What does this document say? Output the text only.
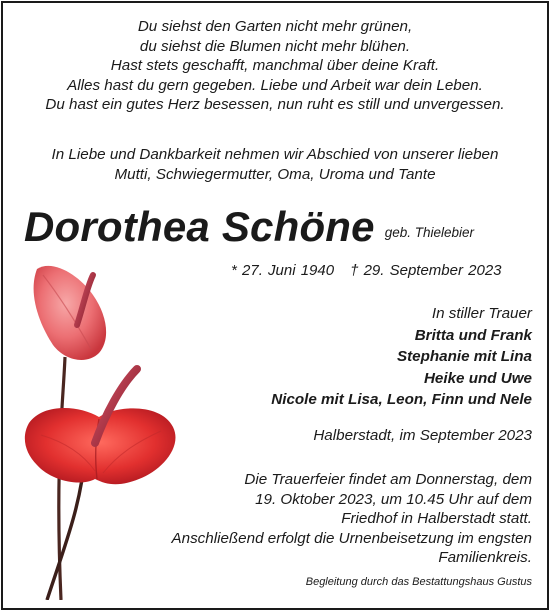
Du siehst den Garten nicht mehr grünen,
du siehst die Blumen nicht mehr blühen.
Hast stets geschafft, manchmal über deine Kraft.
Alles hast du gern gegeben. Liebe und Arbeit war dein Leben.
Du hast ein gutes Herz besessen, nun ruht es still und unvergessen.
In Liebe und Dankbarkeit nehmen wir Abschied von unserer lieben
Mutti, Schwiegermutter, Oma, Uroma und Tante
Dorothea Schöne $^{geb. Thielebier}$
* 27. Juni 1940 † 29. September 2023
In stiller Trauer
Britta und Frank
Stephanie mit Lina
Heike und Uwe
Nicole mit Lisa, Leon, Finn und Nele
Halberstadt, im September 2023
Die Trauerfeier findet am Donnerstag, dem
19. Oktober 2023, um 10.45 Uhr auf dem
Friedhof in Halberstadt statt.
Anschließend erfolgt die Urnenbeisetzung im engsten
Familienkreis.
Begleitung durch das Bestattungshaus Gustus
